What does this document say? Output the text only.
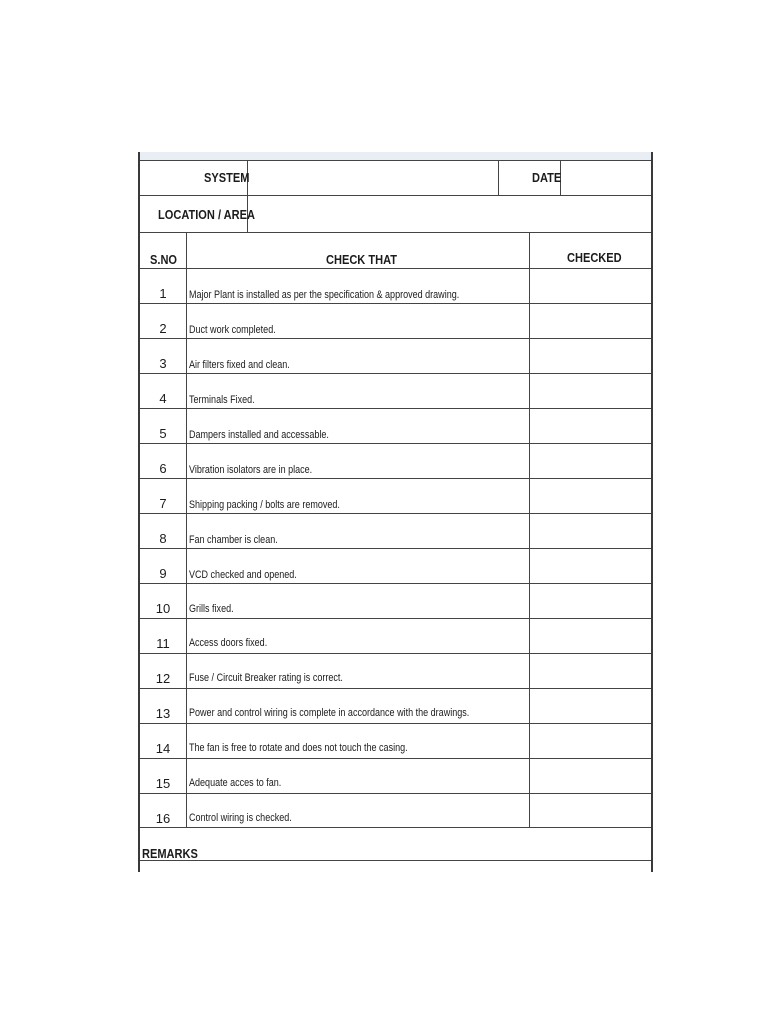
SYSTEM	DATE
LOCATION / AREA
S.NO	CHECK THAT	CHECKED
1	Major Plant is installed as per the specification & approved drawing.
2	Duct work completed.
3	Air filters fixed and clean.
4	Terminals Fixed.
5	Dampers installed and accessable.
6	Vibration isolators are in place.
7	Shipping packing / bolts are removed.
8	Fan chamber is clean.
9	VCD checked and opened.
10	Grills fixed.
11	Access doors fixed.
12	Fuse / Circuit Breaker rating is correct.
13	Power and control wiring is complete in accordance with the drawings.
14	The fan is free to rotate and does not touch the casing.
15	Adequate acces to fan.
16	Control wiring is checked.
REMARKS
